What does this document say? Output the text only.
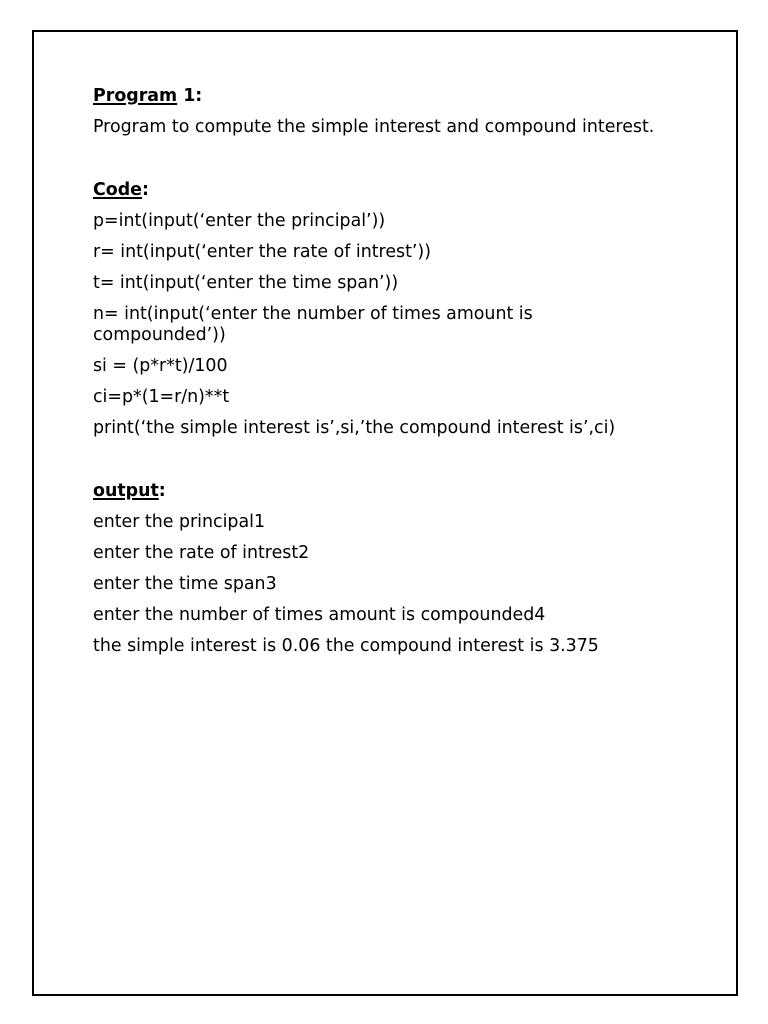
Program 1:

Program to compute the simple interest and compound interest.

Code:

p=int(input(‘enter the principal’))

r= int(input(‘enter the rate of intrest’))

t= int(input(‘enter the time span’))

n= int(input(‘enter the number of times amount is compounded’))

si = (p*r*t)/100

ci=p*(1=r/n)**t

print(‘the simple interest is’,si,’the compound interest is’,ci)

output:

enter the principal1

enter the rate of intrest2

enter the time span3

enter the number of times amount is compounded4

the simple interest is 0.06 the compound interest is 3.375
